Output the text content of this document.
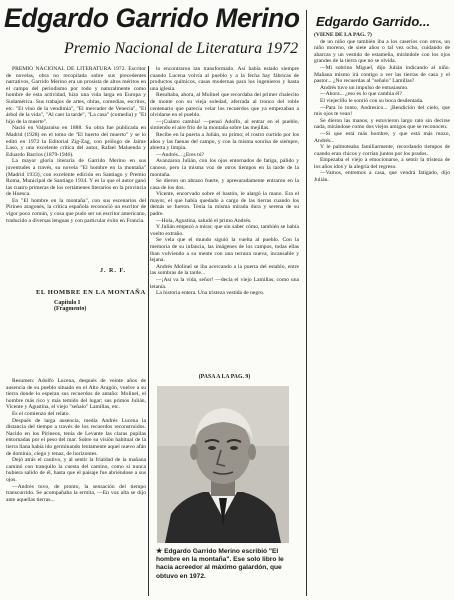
Edgardo Garrido Merino
Premio Nacional de Literatura 1972

PREMIO NACIONAL DE LITERATURA 1972. Escritor de novelas, obra no recopilada sobre sus precedentes narrativos, Garrido Merino era un prosista de altos méritos en el campo del periodismo por todo y naturalmente como hombre de esta actividad, hizo una vida larga en Europa y Sudamérica. Sus trabajos de artes, obras, comedias, escritos, etc. "El vino de la vendimia", "El mercader de Venecia", "El árbol de la vida", "Al caer la tarde", "La casa" (comedia) y "El hijo de la muerte".

Nació en Valparaíso en 1888. Su obra fue publicada en Madrid (1928) en el tomo de "El huerto del muerto" y se lo editó en 1972 la Editorial Zig-Zag, con prólogo de Jaime Laso, y una excelente crítica del autor, Rafael Maluenda y Eduardo Barrios (1879-1946).

La mayor gloria literaria de Garrido Merino en sus juventudes a través, su novela "El hombre en la montaña" (Madrid 1933), con excelente edición en Santiago y Premio Roma, Municipal de Santiago 1934. Y es la que el autor ganó las cuatro primeras de los certámenes literarios en la provincia de Huesca.

En "El hombre en la montaña", con sus escenarios del Pirineo aragonés, la crítica española reconoció un escritor de vigor poco común, y cosa que pudo ser un escritor americano, traducido a diversas lenguas y con particular éxito en Francia.

J. R. F.
EL HOMBRE EN LA MONTAÑA
Capítulo I
(Fragmento)

Resumen: Adolfo Lucena, después de veinte años de ausencia de su pueblo situado en el Alto Aragón, vuelve a su tierra donde lo esperan sus recuerdos de antaño: Molinel, el hombre más rico y más temido del lugar; sus primos Julián, Vicente y Agustina, el viejo "señalo" Lamillas, etc.

Es el comienzo del relato.

Después de larga ausencia, media Andrés Lucena la distancia del tiempo a través de los recuerdos reconstruidos. Nacido en los Pirineos, tenía de Levante las claras pupilas entornadas por el peso del mar. Sobre su visión habitual de la tierra llana había ido germinando lentamente aquel nuevo afán de dominio, ciego y tenaz, de horizontes.

Dejó atrás el cautivo, y al sentir la frialdad de la mañana caminó con tranquilo la cuesta del camino, como si nunca hubiera salido de él, hasta que el paisaje fue abriéndose a sus ojos.

—Andrés tuvo, de pronto, la sensación del tiempo transcurrido. Se acompañaba la ermita, —En voz alta se dijo ante aquellas tierras...

lo encontraron tan transformado. Así había estado siempre cuando Lucena volvía al pueblo y a la fecha hay fábricas de productos químicos, casas modernas para los ingenieros y hasta una iglesia.

Resultaba, ahora, al Molinel que recordaba del primer chalecito de monte con su vieja soledad, aferrada al tronco del roble centenario que parecía velar los recuerdos que ya empezaban a olvidarse en el pueblo.

—¡Cuánto cambia! —pensó Adolfo, al entrar en el pueblo, sintiendo el aire frío de la montaña sobre las mejillas.

Recibe en la puerta a Julián, su primo; el rostro curtido por los años y las faenas del campo, y con la misma sonrisa de siempre, abierta y limpia.

—Andrés... ¿Eres tú?

Avanzaron Julián, con los ojos entornados de fatiga, pálido y canoso, pero la misma voz de otros tiempos en la tarde de la montaña.

Se dieron un abrazo fuerte, y apresuradamente entraron en la casa de los dos.

Vicente, encorvado sobre el bastón, le alargó la mano. Era el mayor, el que había quedado a cargo de las tierras cuando los demás se fueron. Tenía la misma mirada dura y serena de su padre.

—Hola, Agustina, saludó el primo Andrés.

Y Julián empezó a mirar, que sin saber cómo, también se había vuelto extraño.

Se vela que el mundo siguió la vuelta al pueblo. Con la memoria de su infancia, las imágenes de los campos, todas ellas iban volviendo a su mente con una ternura nueva, incansable y lejana.

Andrés Molinel se iba acercando a la puerta del establo, entre las sombras de la tarde...

—¡Así va la vida, señor! —decía el viejo Lamillas, como una letanía.

La historia entera. Una tristeza vestida de negro.

(PASA A LA PAG. 9)
★ Edgardo Garrido Merino escribió "El hombre en la montaña". Ese solo libro le hacía acreedor al máximo galardón, que obtuvo en 1972.
Edgardo Garrido...

(VIENE DE LA PAG. 7)

de un niño que también iba a los caseríos con otros, un niño moreno, de siete años o tal vez ocho, cuidando de abarcas y un vestido de estameña, mirándole con los ojos grandes de la tierra que no se olvida.

—Mi sobrino Miguel, dijo Julián indicando al niño. Mañana mismo irá contigo a ver las tierras de casa y el pastor... ¿No recuerdas al "señalo" Lamillas?

Andrés tuvo un impulso de entusiasmo.

—Ahora... ¿eso es lo que cambia él?

El viejecillo le sonrió con su boca desdentada.

—Para lo tonto, Andresico... ¡Bendición del cielo, que mis ojos te vean!

Se dieron las manos, y estuvieron largo rato sin decirse nada, mirándose como dos viejos amigos que se reconocen.

—Si que está más hombre, y que está más mozo, Andrés...

Y le palmoteaba familiarmente, recordando tiempos de cuando eran chicos y corrían juntos por los prados.

Empezaba el viejo a emocionarse, a sentir la tristeza de los años idos y la alegría del regreso.

—Vamos, entremos a casa, que vendrá fatigado, dijo Julián.
